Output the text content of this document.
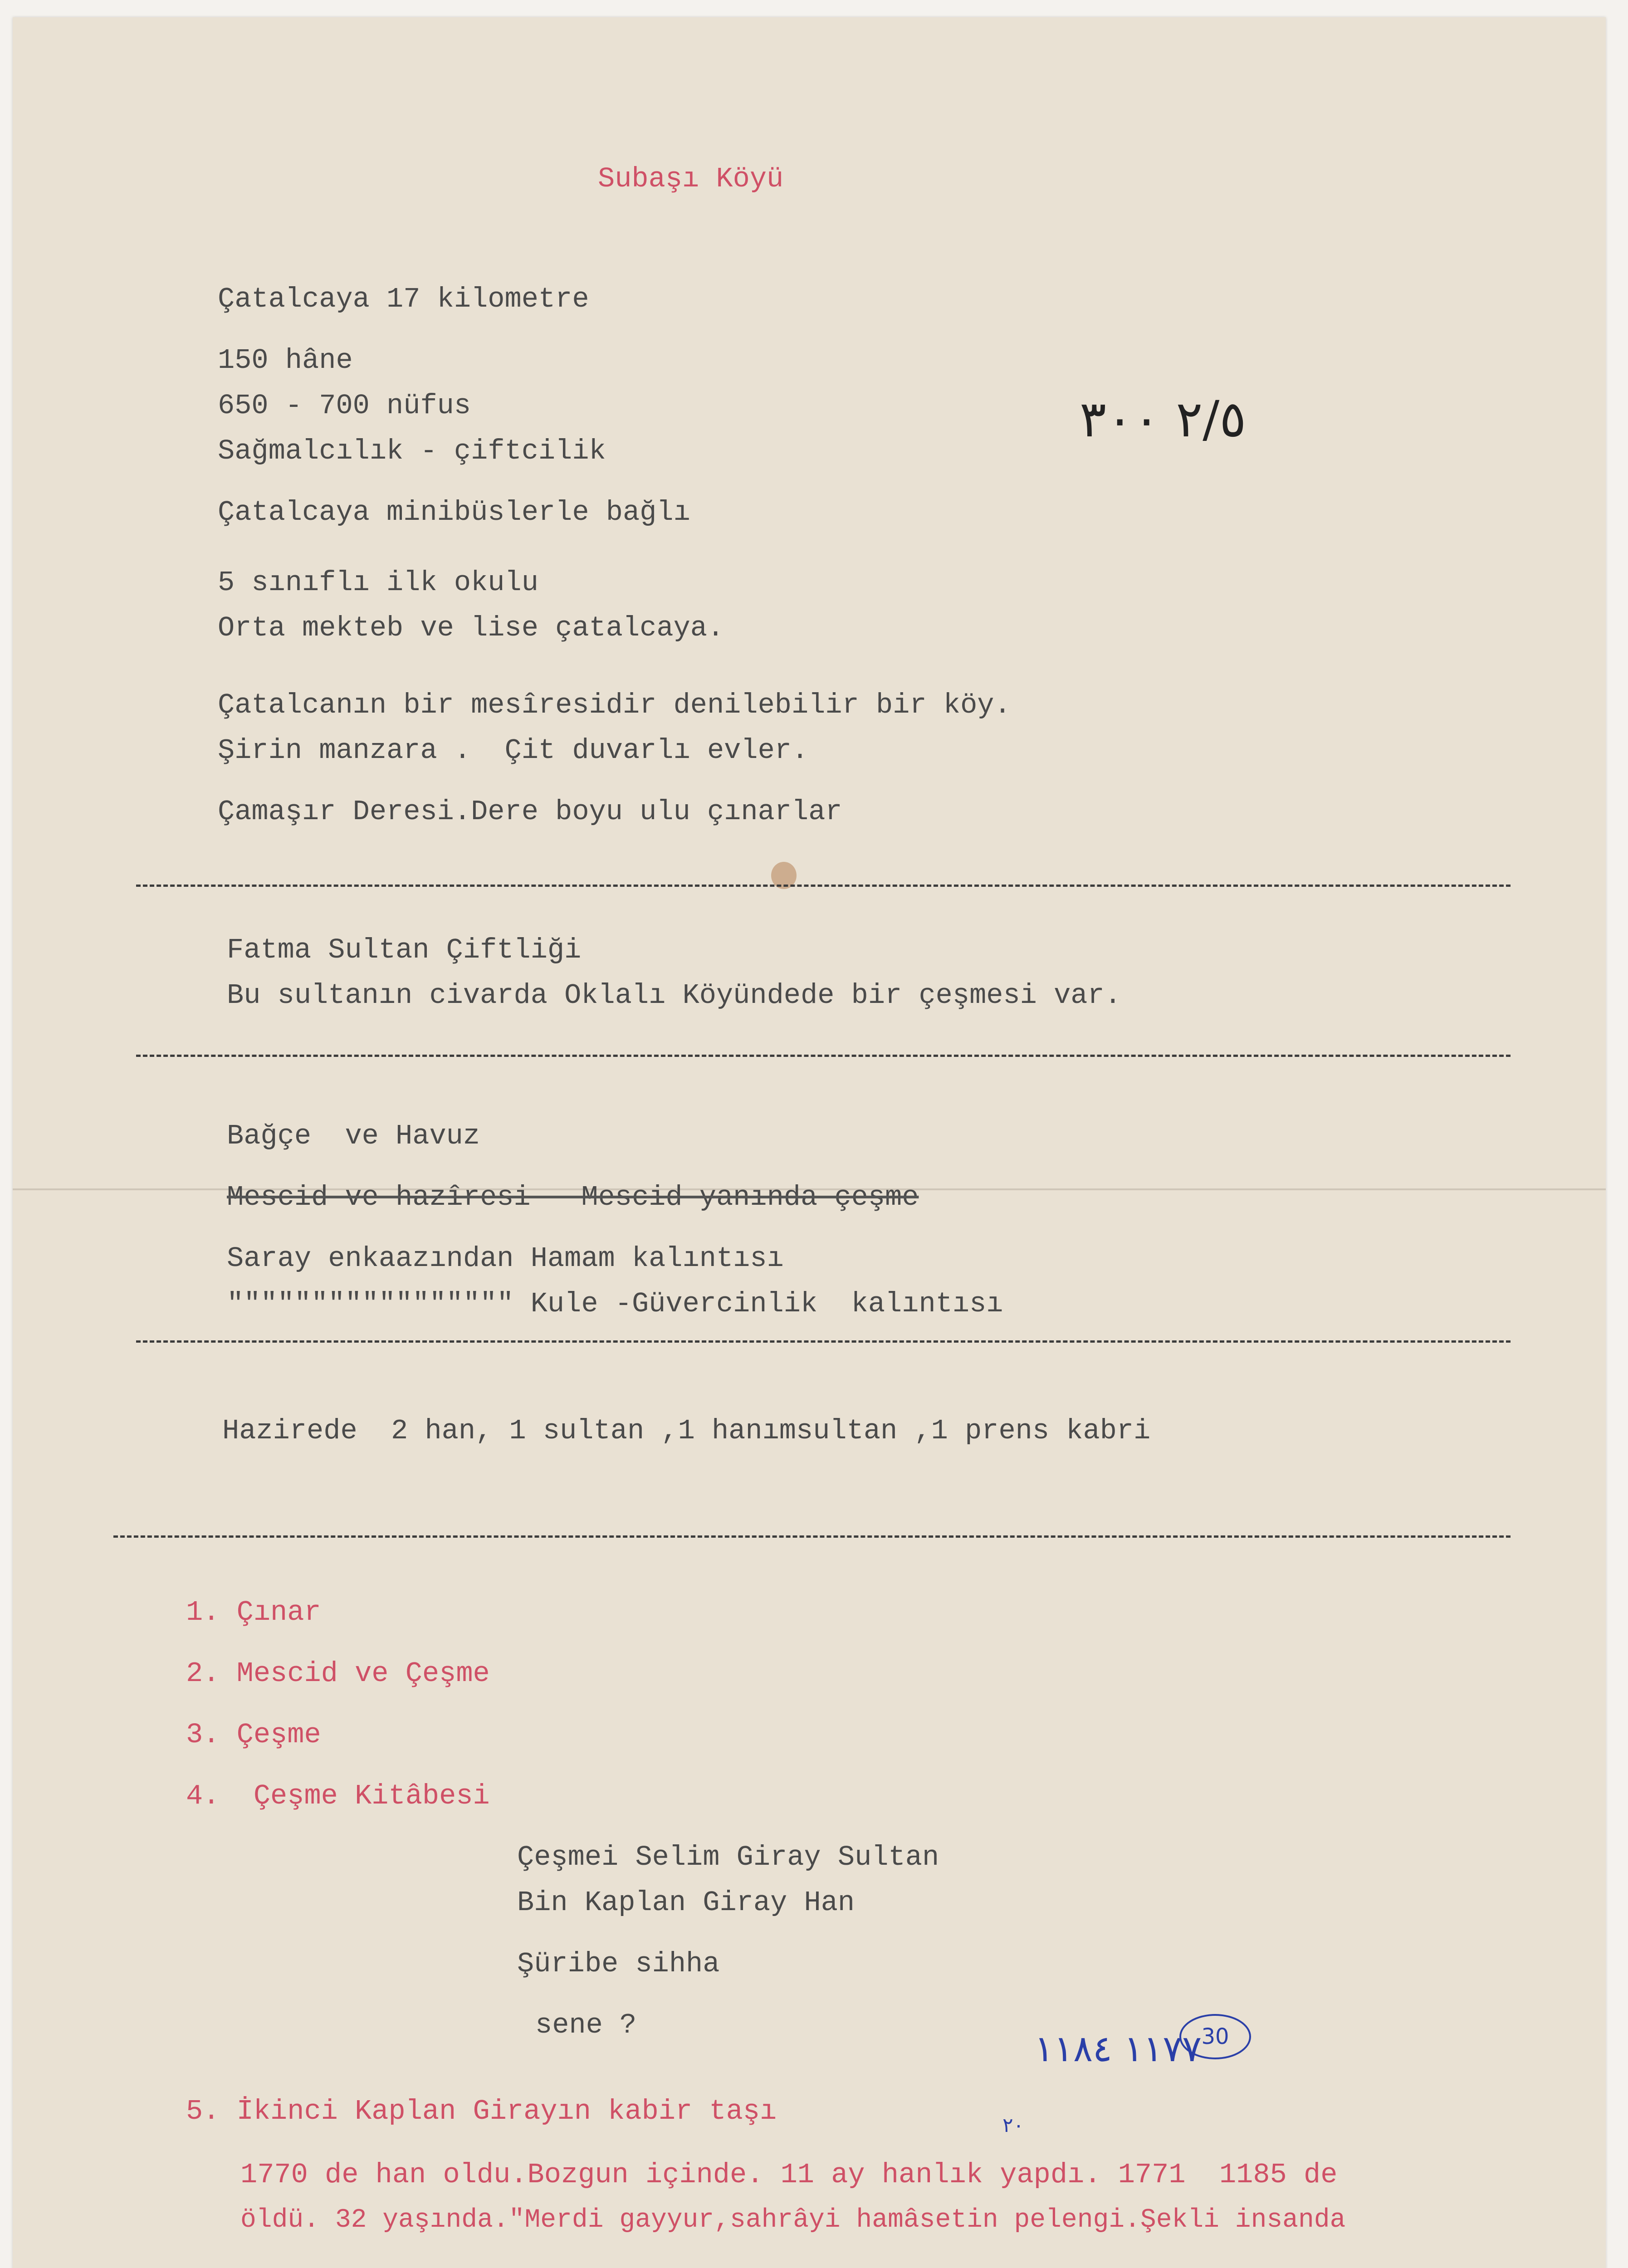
Subaşı Köyü
Çatalcaya 17 kilometre
150 hâne
650 - 700 nüfus
Sağmalcılık - çiftcilik
Çatalcaya minibüslerle bağlı
5 sınıflı ilk okulu
Orta mekteb ve lise çatalcaya.
Çatalcanın bir mesîresidir denilebilir bir köy.
Şirin manzara .  Çit duvarlı evler.
Çamaşır Deresi.Dere boyu ulu çınarlar
٢/٥ ٣٠٠
Fatma Sultan Çiftliği
Bu sultanın civarda Oklalı Köyündede bir çeşmesi var.
Bağçe  ve Havuz
Mescid ve hazîresi - Mescid yanında çeşme
Saray enkaazından Hamam kalıntısı
""""""""""""""""" Kule -Güvercinlik  kalıntısı
Hazirede  2 han, 1 sultan ,1 hanımsultan ,1 prens kabri
1. Çınar
2. Mescid ve Çeşme
3. Çeşme
4.  Çeşme Kitâbesi
Çeşmei Selim Giray Sultan
Bin Kaplan Giray Han
Şüribe sihha
sene ?
١١٧٧ ١١٨٤ 30
٢٠
5. İkinci Kaplan Girayın kabir taşı
1770 de han oldu.Bozgun içinde. 11 ay hanlık yapdı. 1771  1185 de
öldü. 32 yaşında."Merdi gayyur,sahrâyi hamâsetin pelengi.Şekli insanda
